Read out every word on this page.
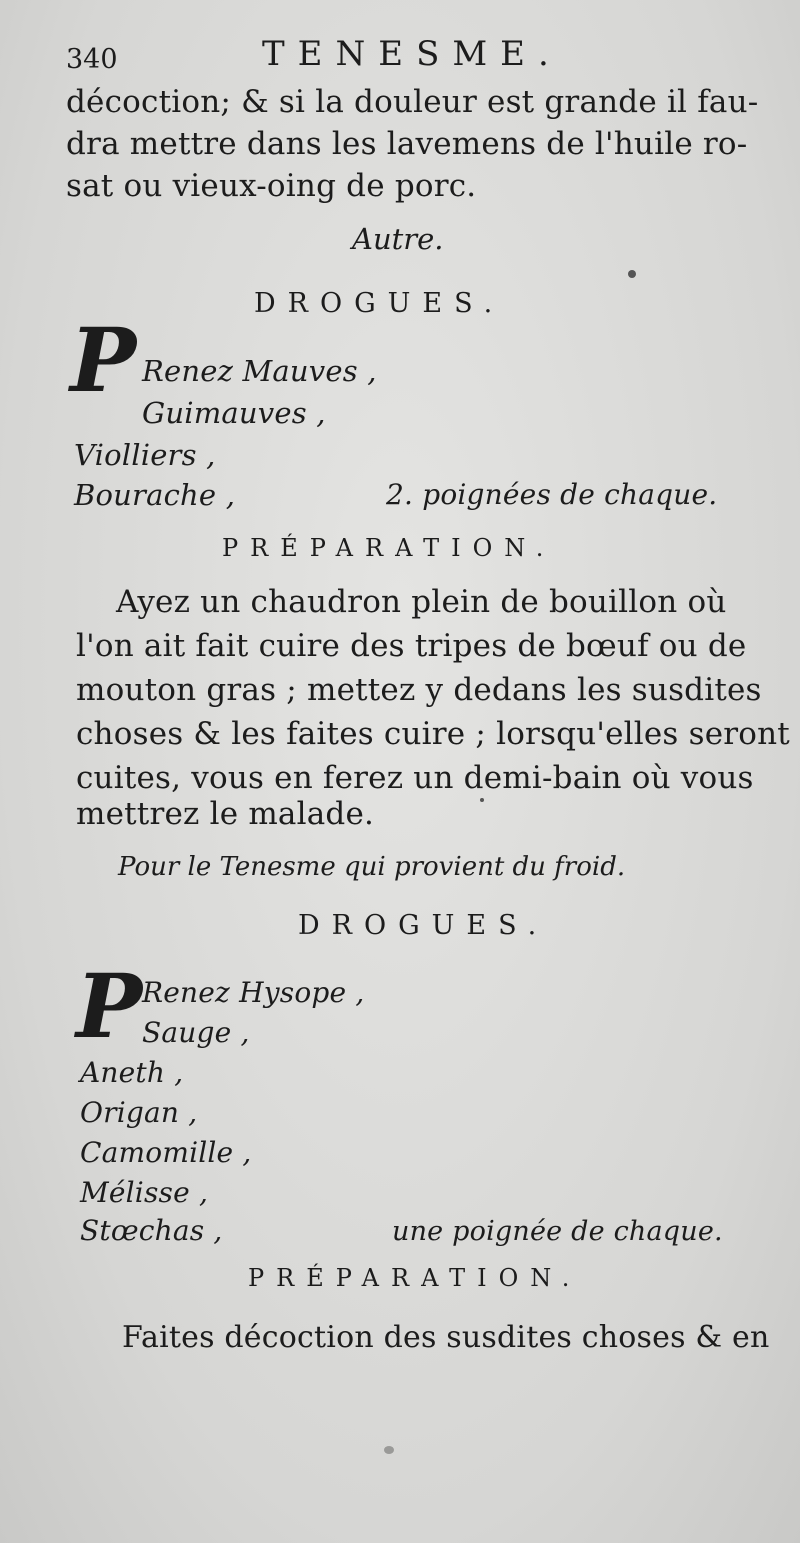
340	TENESME.
décoction; & si la douleur est grande il fau-
dra mettre dans les lavemens de l'huile ro-
sat ou vieux-oing de porc.
Autre.
DROGUES.
P Renez Mauves ,
Guimauves ,
Violliers ,
Bourache ,	2. poignées de chaque.
PRÉPARATION.
Ayez un chaudron plein de bouillon où
l'on ait fait cuire des tripes de bœuf ou de
mouton gras ; mettez y dedans les susdites
choses & les faites cuire ; lorsqu'elles seront
cuites, vous en ferez un demi-bain où vous
mettrez le malade.
Pour le Tenesme qui provient du froid.
DROGUES.
P Renez Hysope ,
Sauge ,
Aneth ,
Origan ,
Camomille ,
Mélisse ,
Stœchas ,	une poignée de chaque.
PRÉPARATION.
Faites décoction des susdites choses & en
